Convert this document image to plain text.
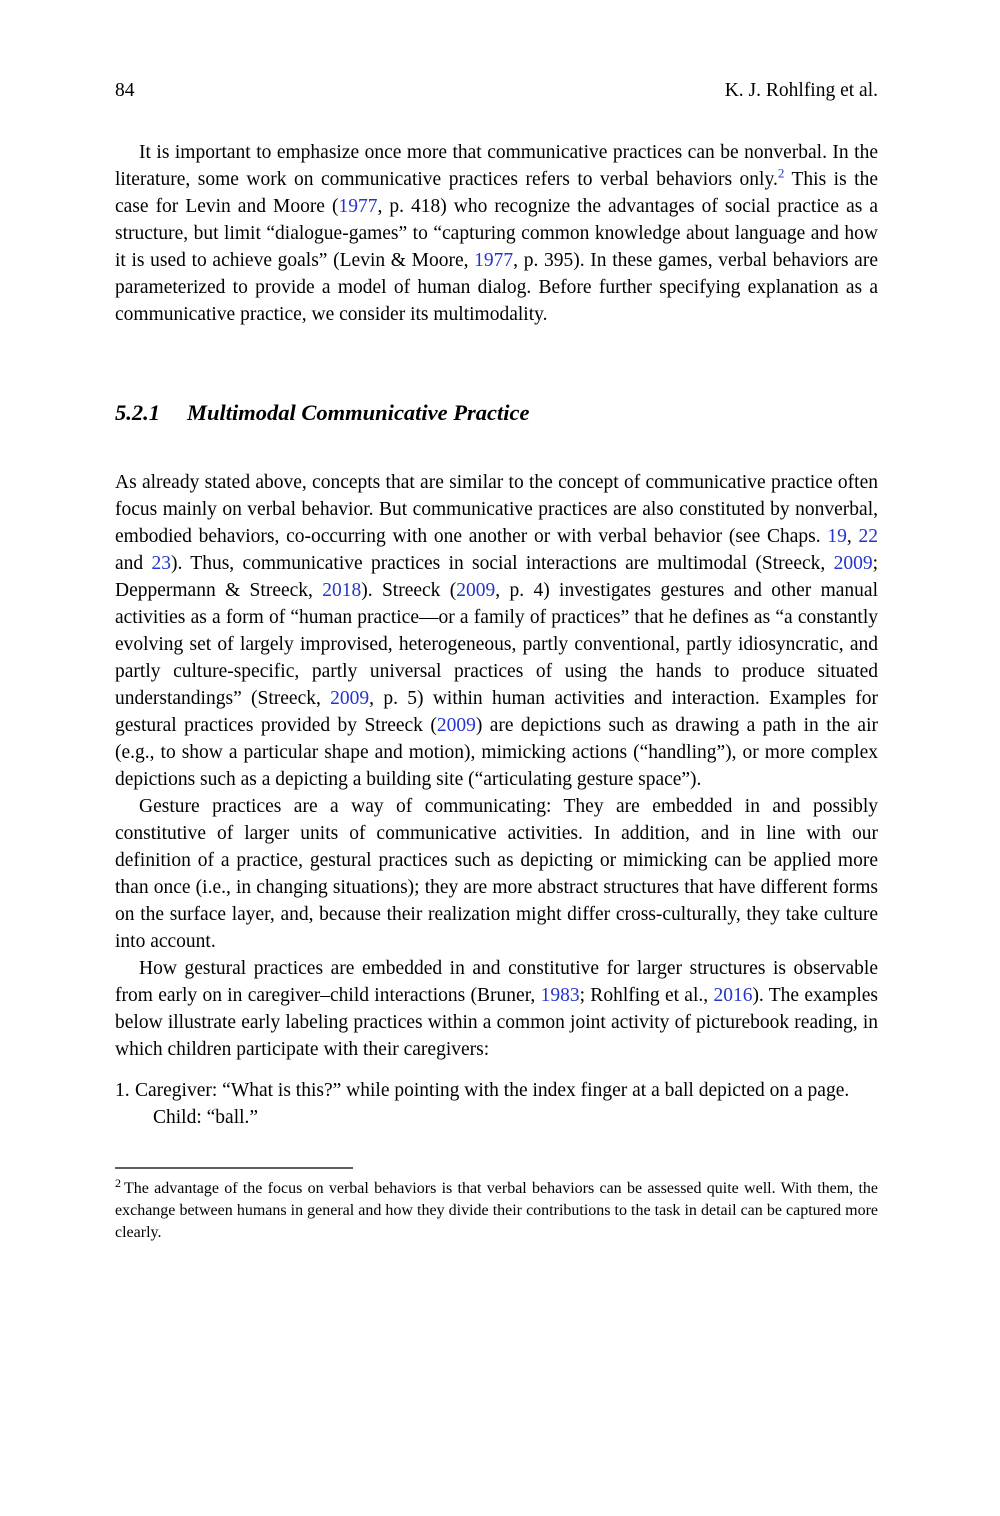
84	K. J. Rohlfing et al.

It is important to emphasize once more that communicative practices can be nonverbal. In the literature, some work on communicative practices refers to verbal behaviors only.$^2$ This is the case for Levin and Moore (1977, p. 418) who recognize the advantages of social practice as a structure, but limit “dialogue-games” to “capturing common knowledge about language and how it is used to achieve goals” (Levin & Moore, 1977, p. 395). In these games, verbal behaviors are parameterized to provide a model of human dialog. Before further specifying explanation as a communicative practice, we consider its multimodality.

5.2.1 Multimodal Communicative Practice

As already stated above, concepts that are similar to the concept of communicative practice often focus mainly on verbal behavior. But communicative practices are also constituted by nonverbal, embodied behaviors, co-occurring with one another or with verbal behavior (see Chaps. 19, 22 and 23). Thus, communicative practices in social interactions are multimodal (Streeck, 2009; Deppermann & Streeck, 2018). Streeck (2009, p. 4) investigates gestures and other manual activities as a form of “human practice—or a family of practices” that he defines as “a constantly evolving set of largely improvised, heterogeneous, partly conventional, partly idiosyncratic, and partly culture-specific, partly universal practices of using the hands to produce situated understandings” (Streeck, 2009, p. 5) within human activities and interaction. Examples for gestural practices provided by Streeck (2009) are depictions such as drawing a path in the air (e.g., to show a particular shape and motion), mimicking actions (“handling”), or more complex depictions such as a depicting a building site (“articulating gesture space”).

Gesture practices are a way of communicating: They are embedded in and possibly constitutive of larger units of communicative activities. In addition, and in line with our definition of a practice, gestural practices such as depicting or mimicking can be applied more than once (i.e., in changing situations); they are more abstract structures that have different forms on the surface layer, and, because their realization might differ cross-culturally, they take culture into account.

How gestural practices are embedded in and constitutive for larger structures is observable from early on in caregiver–child interactions (Bruner, 1983; Rohlfing et al., 2016). The examples below illustrate early labeling practices within a common joint activity of picturebook reading, in which children participate with their caregivers:

1. Caregiver: “What is this?” while pointing with the index finger at a ball depicted on a page.
Child: “ball.”
$^2$ The advantage of the focus on verbal behaviors is that verbal behaviors can be assessed quite well. With them, the exchange between humans in general and how they divide their contributions to the task in detail can be captured more clearly.
